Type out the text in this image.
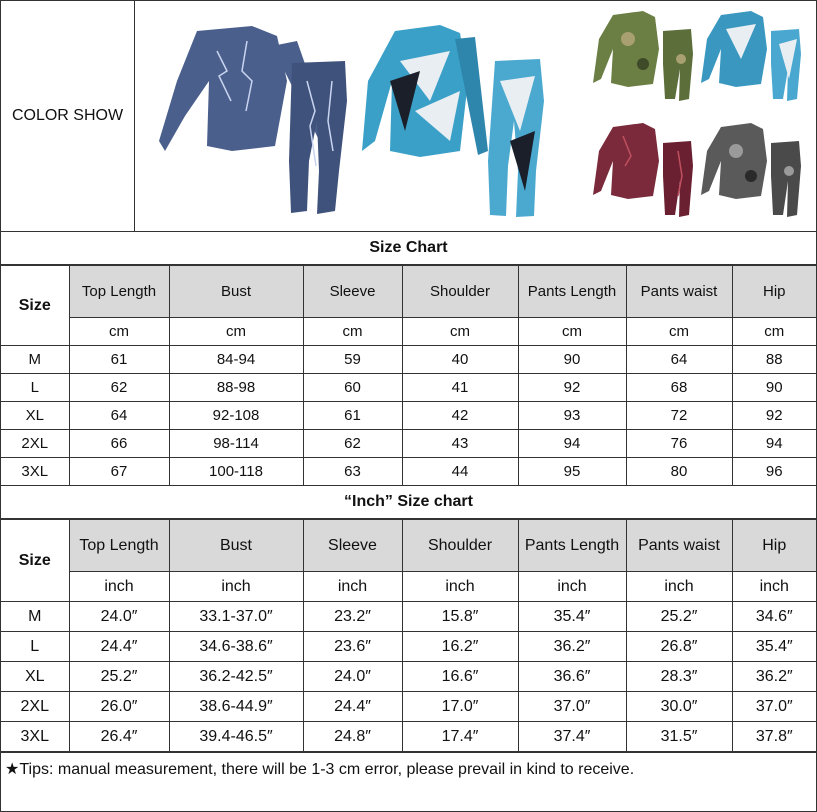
COLOR SHOW
Size Chart
Size	Top Length	Bust	Sleeve	Shoulder	Pants Length	Pants waist	Hip
	cm	cm	cm	cm	cm	cm	cm
M	61	84-94	59	40	90	64	88
L	62	88-98	60	41	92	68	90
XL	64	92-108	61	42	93	72	92
2XL	66	98-114	62	43	94	76	94
3XL	67	100-118	63	44	95	80	96
“Inch” Size chart
Size	Top Length	Bust	Sleeve	Shoulder	Pants Length	Pants waist	Hip
	inch	inch	inch	inch	inch	inch	inch
M	24.0″	33.1-37.0″	23.2″	15.8″	35.4″	25.2″	34.6″
L	24.4″	34.6-38.6″	23.6″	16.2″	36.2″	26.8″	35.4″
XL	25.2″	36.2-42.5″	24.0″	16.6″	36.6″	28.3″	36.2″
2XL	26.0″	38.6-44.9″	24.4″	17.0″	37.0″	30.0″	37.0″
3XL	26.4″	39.4-46.5″	24.8″	17.4″	37.4″	31.5″	37.8″
★Tips: manual measurement, there will be 1-3 cm error, please prevail in kind to receive.
